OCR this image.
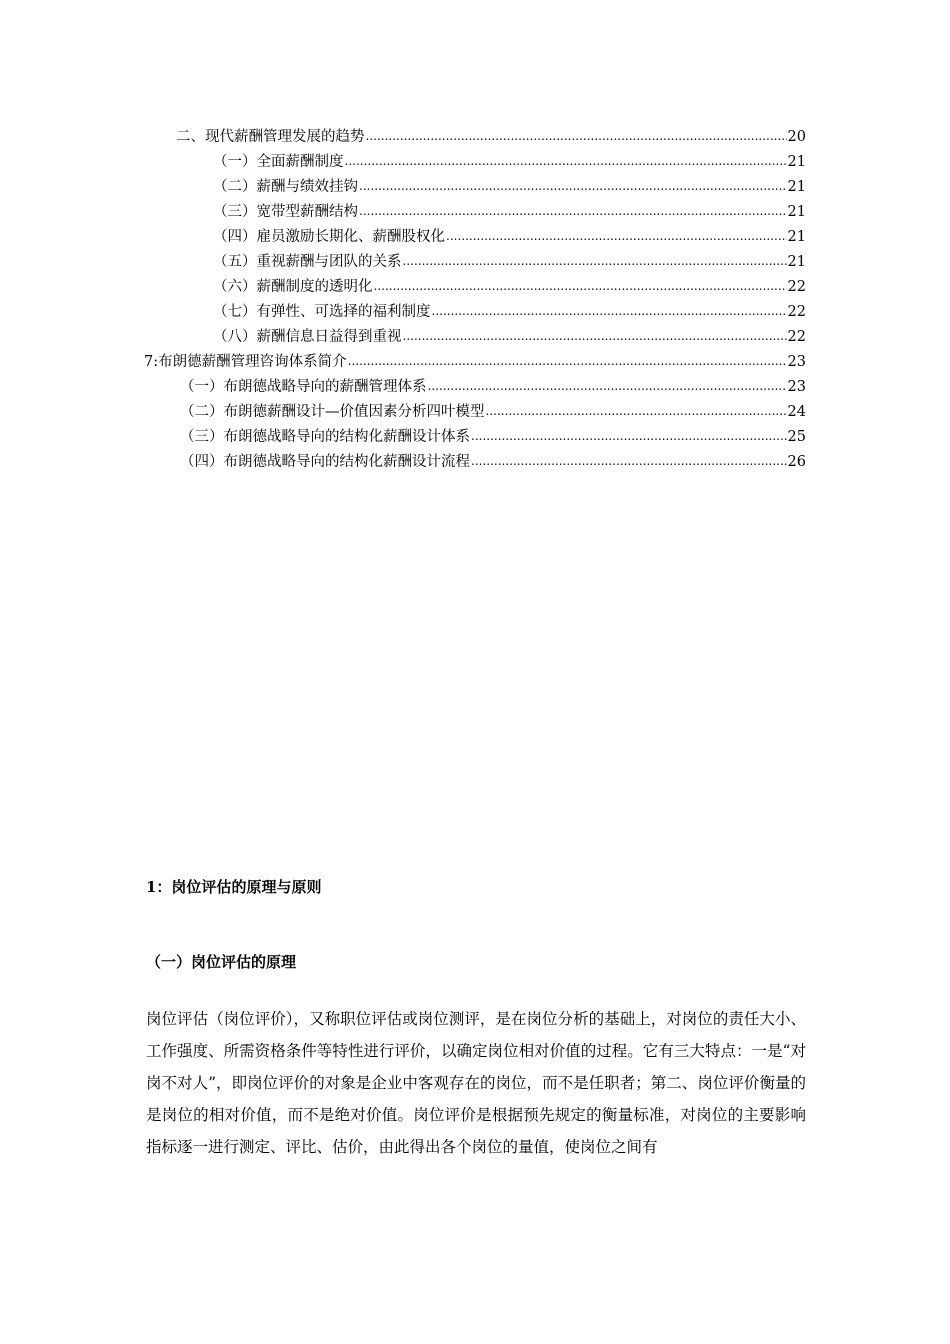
二、现代薪酬管理发展的趋势 .....	20
（一）全面薪酬制度 .....	21
（二）薪酬与绩效挂钩 .....	21
（三）宽带型薪酬结构 .....	21
（四）雇员激励长期化、薪酬股权化 .....	21
（五）重视薪酬与团队的关系 .....	21
（六）薪酬制度的透明化 .....	22
（七）有弹性、可选择的福利制度 .....	22
（八）薪酬信息日益得到重视 .....	22
7:布朗德薪酬管理咨询体系简介 .....	23
（一）布朗德战略导向的薪酬管理体系 .....	23
（二）布朗德薪酬设计—价值因素分析四叶模型 .....	24
（三）布朗德战略导向的结构化薪酬设计体系 .....	25
（四）布朗德战略导向的结构化薪酬设计流程 .....	26
1：岗位评估的原理与原则
（一）岗位评估的原理
岗位评估（岗位评价），又称职位评估或岗位测评，是在岗位分析的基础上，对岗位的责任大小、工作强度、所需资格条件等特性进行评价，以确定岗位相对价值的过程。它有三大特点：一是“对岗不对人”，即岗位评价的对象是企业中客观存在的岗位，而不是任职者；第二、岗位评价衡量的是岗位的相对价值，而不是绝对价值。岗位评价是根据预先规定的衡量标准，对岗位的主要影响指标逐一进行测定、评比、估价，由此得出各个岗位的量值，使岗位之间有
